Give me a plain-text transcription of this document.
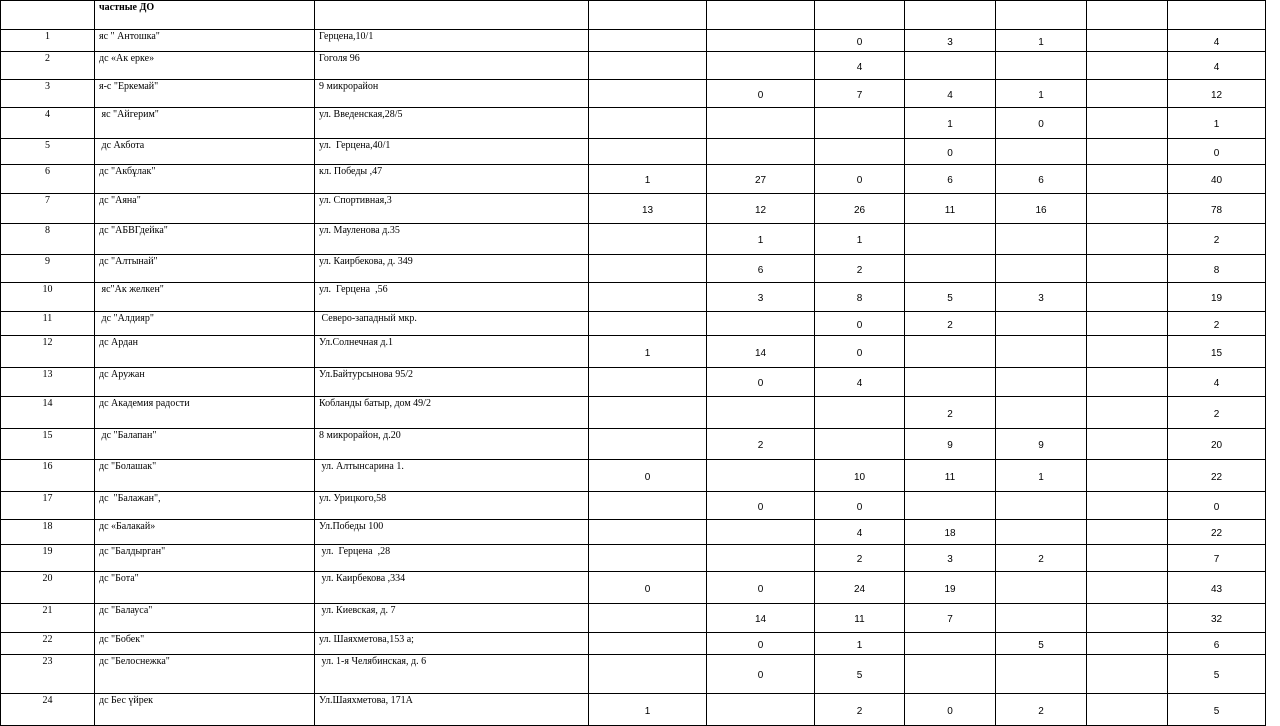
	частные ДО								
1	яс " Антошка"	Герцена,10/1			0	3	1		4
2	дс «Ак ерке»	Гоголя 96			4				4
3	я-с "Еркемай"	9 микрорайон		0	7	4	1		12
4	яс "Айгерим"	ул. Введенская,28/5				1	0		1
5	дс Акбота	ул.  Герцена,40/1				0			0
6	дс "Акбұлак"	кл. Победы ,47	1	27	0	6	6		40
7	дс "Аяна"	ул. Спортивная,3	13	12	26	11	16		78
8	дс "АБВГдейка"	ул. Мауленова д.35		1	1				2
9	дс "Алтынай"	ул. Каирбекова, д. 349		6	2				8
10	яс"Ак желкен"	ул.  Герцена  ,56		3	8	5	3		19
11	дс "Алдияр"	Северо-западный мкр.			0	2			2
12	дс Ардан	Ул.Солнечная д.1	1	14	0				15
13	дс Аружан	Ул.Байтурсынова 95/2		0	4				4
14	дс Академия радости	Кобланды батыр, дом 49/2				2			2
15	дс "Балапан"	8 микрорайон, д.20		2		9	9		20
16	дс "Болашак"	ул. Алтынсарина 1.	0		10	11	1		22
17	дс  "Балажан",	ул. Урицкого,58		0	0				0
18	дс «Балакай»	Ул.Победы 100			4	18			22
19	дс "Балдырган"	ул.  Герцена  ,28			2	3	2		7
20	дс "Бота"	ул. Каирбекова ,334	0	0	24	19			43
21	дс "Балауса"	ул. Киевская, д. 7		14	11	7			32
22	дс "Бобек"	ул. Шаяхметова,153 а;		0	1		5		6
23	дс "Белоснежка"	ул. 1-я Челябинская, д. 6		0	5				5
24	дс Бес үйрек	Ул.Шаяхметова, 171А	1		2	0	2		5
